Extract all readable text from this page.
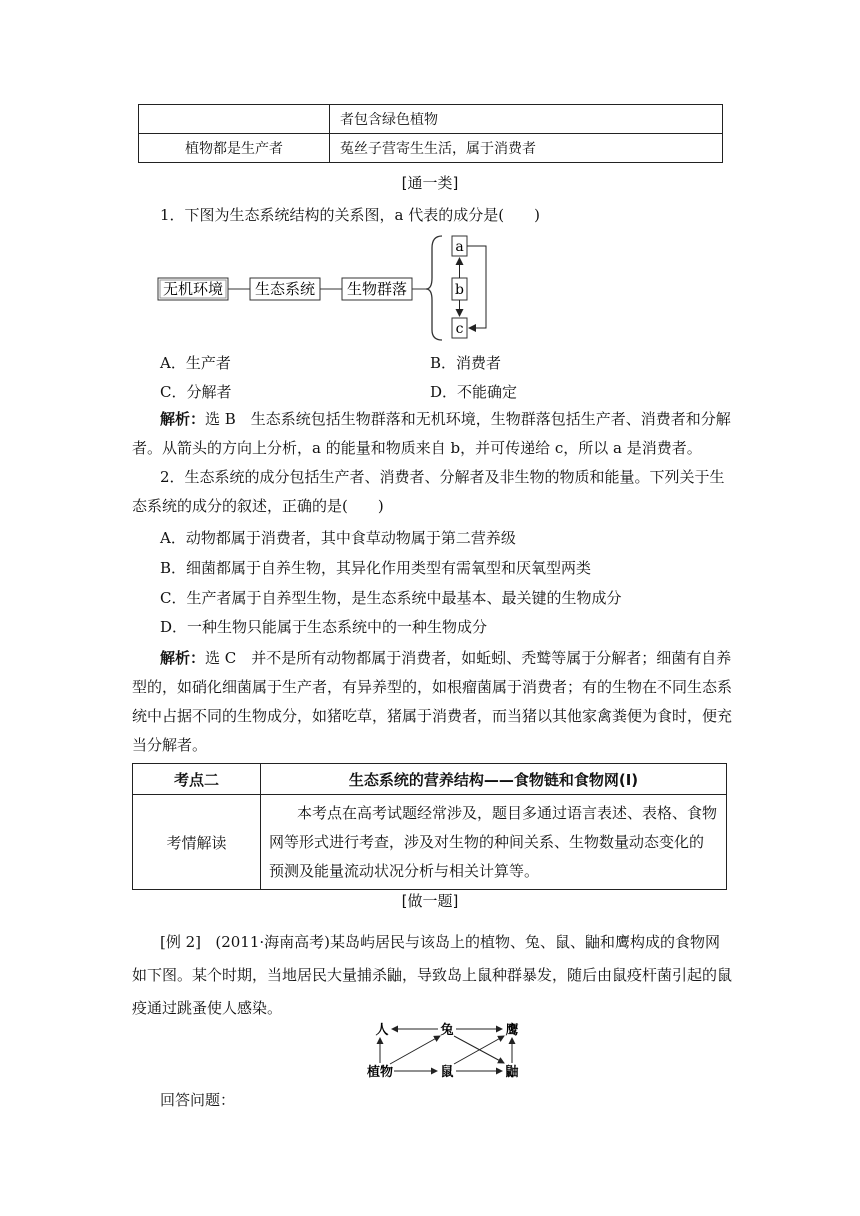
	者包含绿色植物
植物都是生产者	菟丝子营寄生生活，属于消费者
[通一类]
1．下图为生态系统结构的关系图，a 代表的成分是(　　)
无机环境 生态系统 生物群落
a
b
c
A．生产者	B．消费者
C．分解者	D．不能确定
解析：选 B　生态系统包括生物群落和无机环境，生物群落包括生产者、消费者和分解者。从箭头的方向上分析，a 的能量和物质来自 b，并可传递给 c，所以 a 是消费者。
2．生态系统的成分包括生产者、消费者、分解者及非生物的物质和能量。下列关于生态系统的成分的叙述，正确的是(　　)
A．动物都属于消费者，其中食草动物属于第二营养级
B．细菌都属于自养生物，其异化作用类型有需氧型和厌氧型两类
C．生产者属于自养型生物，是生态系统中最基本、最关键的生物成分
D．一种生物只能属于生态系统中的一种生物成分
解析：选 C　并不是所有动物都属于消费者，如蚯蚓、秃鹫等属于分解者；细菌有自养型的，如硝化细菌属于生产者，有异养型的，如根瘤菌属于消费者；有的生物在不同生态系统中占据不同的生物成分，如猪吃草，猪属于消费者，而当猪以其他家禽粪便为食时，便充当分解者。
考点二	生态系统的营养结构——食物链和食物网(Ⅰ)
考情解读	本考点在高考试题经常涉及，题目多通过语言表述、表格、食物网等形式进行考查，涉及对生物的种间关系、生物数量动态变化的预测及能量流动状况分析与相关计算等。
[做一题]
[例 2] (2011·海南高考)某岛屿居民与该岛上的植物、兔、鼠、鼬和鹰构成的食物网如下图。某个时期，当地居民大量捕杀鼬，导致岛上鼠种群暴发，随后由鼠疫杆菌引起的鼠疫通过跳蚤使人感染。
人	兔	鹰
植物	鼠	鼬
回答问题：
